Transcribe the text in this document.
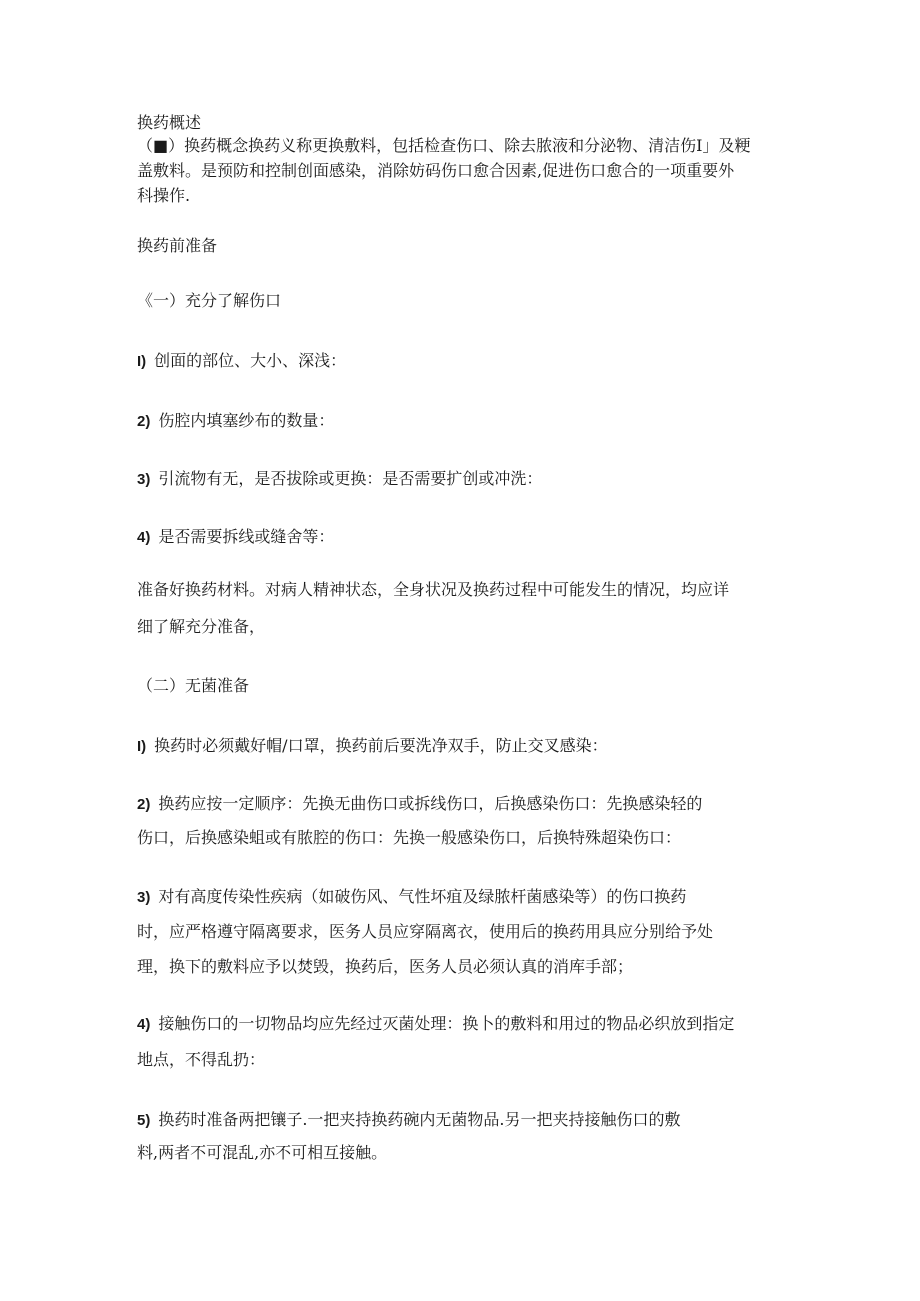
换药概述
（■）换药概念换药义称更换敷料，包括检查伤口、除去脓液和分泌物、清洁伤I」及粳
盖敷料。是预防和控制创面感染，消除妨码伤口愈合因素,促进伤口愈合的一项重要外
科操作.
换药前准备
《一）充分了解伤口
I) 创面的部位、大小、深浅：
2) 伤腔内填塞纱布的数量：
3) 引流物有无，是否拔除或更换：是否需要扩创或冲洗：
4) 是否需要拆线或缝舍等：
准备好换药材料。对病人精神状态，全身状况及换药过程中可能发生的情况，均应详
细了解充分准备，
（二）无菌准备
I) 换药时必须戴好帽/口罩，换药前后要洗净双手，防止交叉感染：
2) 换药应按一定顺序：先换无曲伤口或拆线伤口，后换感染伤口：先换感染轻的
伤口，后换感染蛆或有脓腔的伤口：先换一般感染伤口，后换特殊超染伤口：
3) 对有高度传染性疾病（如破伤风、气性坏疽及绿脓杆菌感染等）的伤口换药
时，应严格遵守隔离要求，医务人员应穿隔离衣，使用后的换药用具应分别给予处
理，换下的敷料应予以焚毁，换药后，医务人员必须认真的消库手部；
4) 接触伤口的一切物品均应先经过灭菌处理：换卜的敷料和用过的物品必织放到指定
地点，不得乱扔：
5) 换药时准备两把镶子.一把夹持换药碗内无菌物品.另一把夹持接触伤口的敷
料,两者不可混乱,亦不可相互接触。
